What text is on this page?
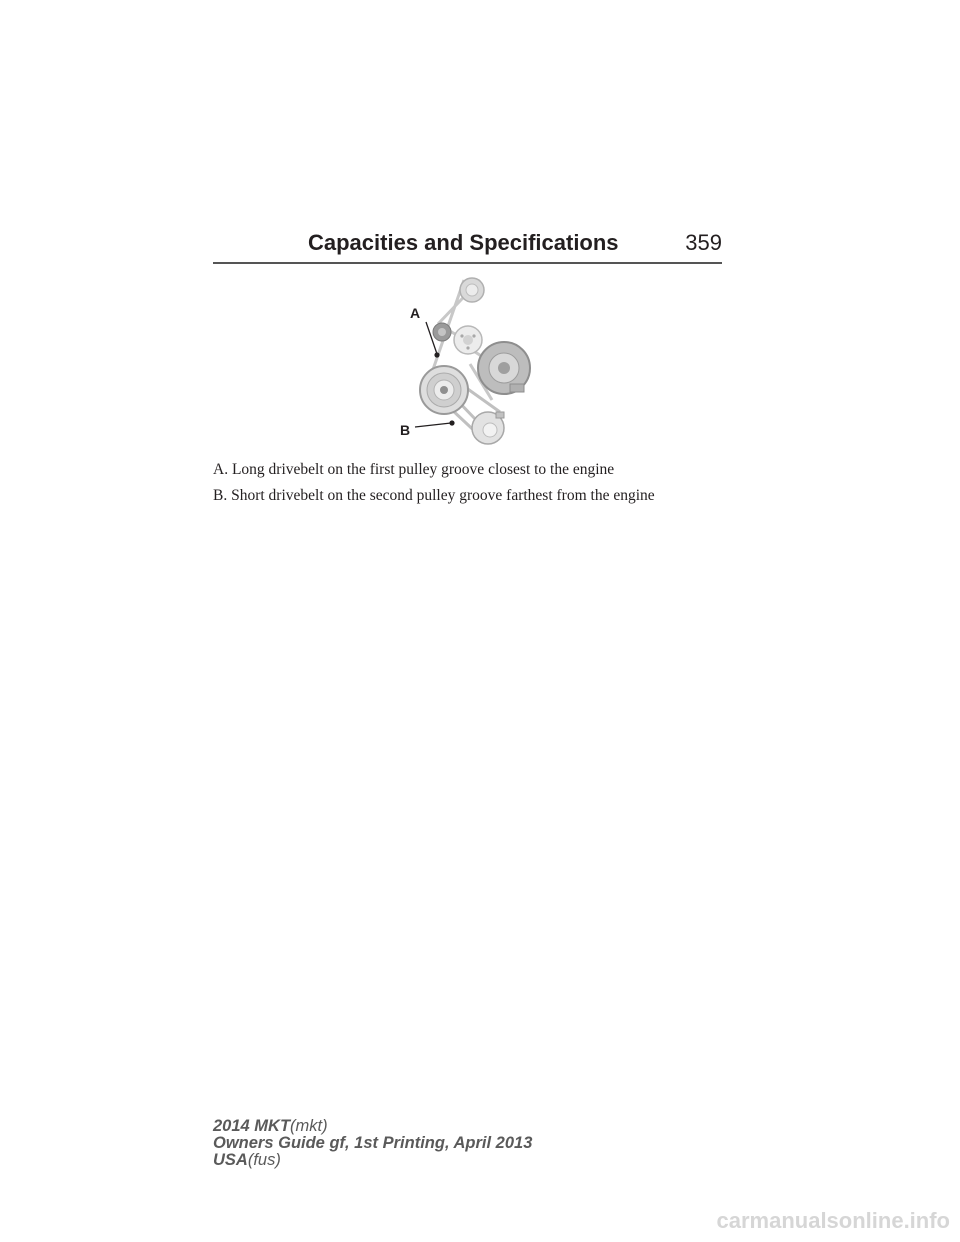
Capacities and Specifications	359
A
B
A. Long drivebelt on the first pulley groove closest to the engine
B. Short drivebelt on the second pulley groove farthest from the engine
2014 MKT(mkt)
Owners Guide gf, 1st Printing, April 2013
USA(fus)
carmanualsonline.info
